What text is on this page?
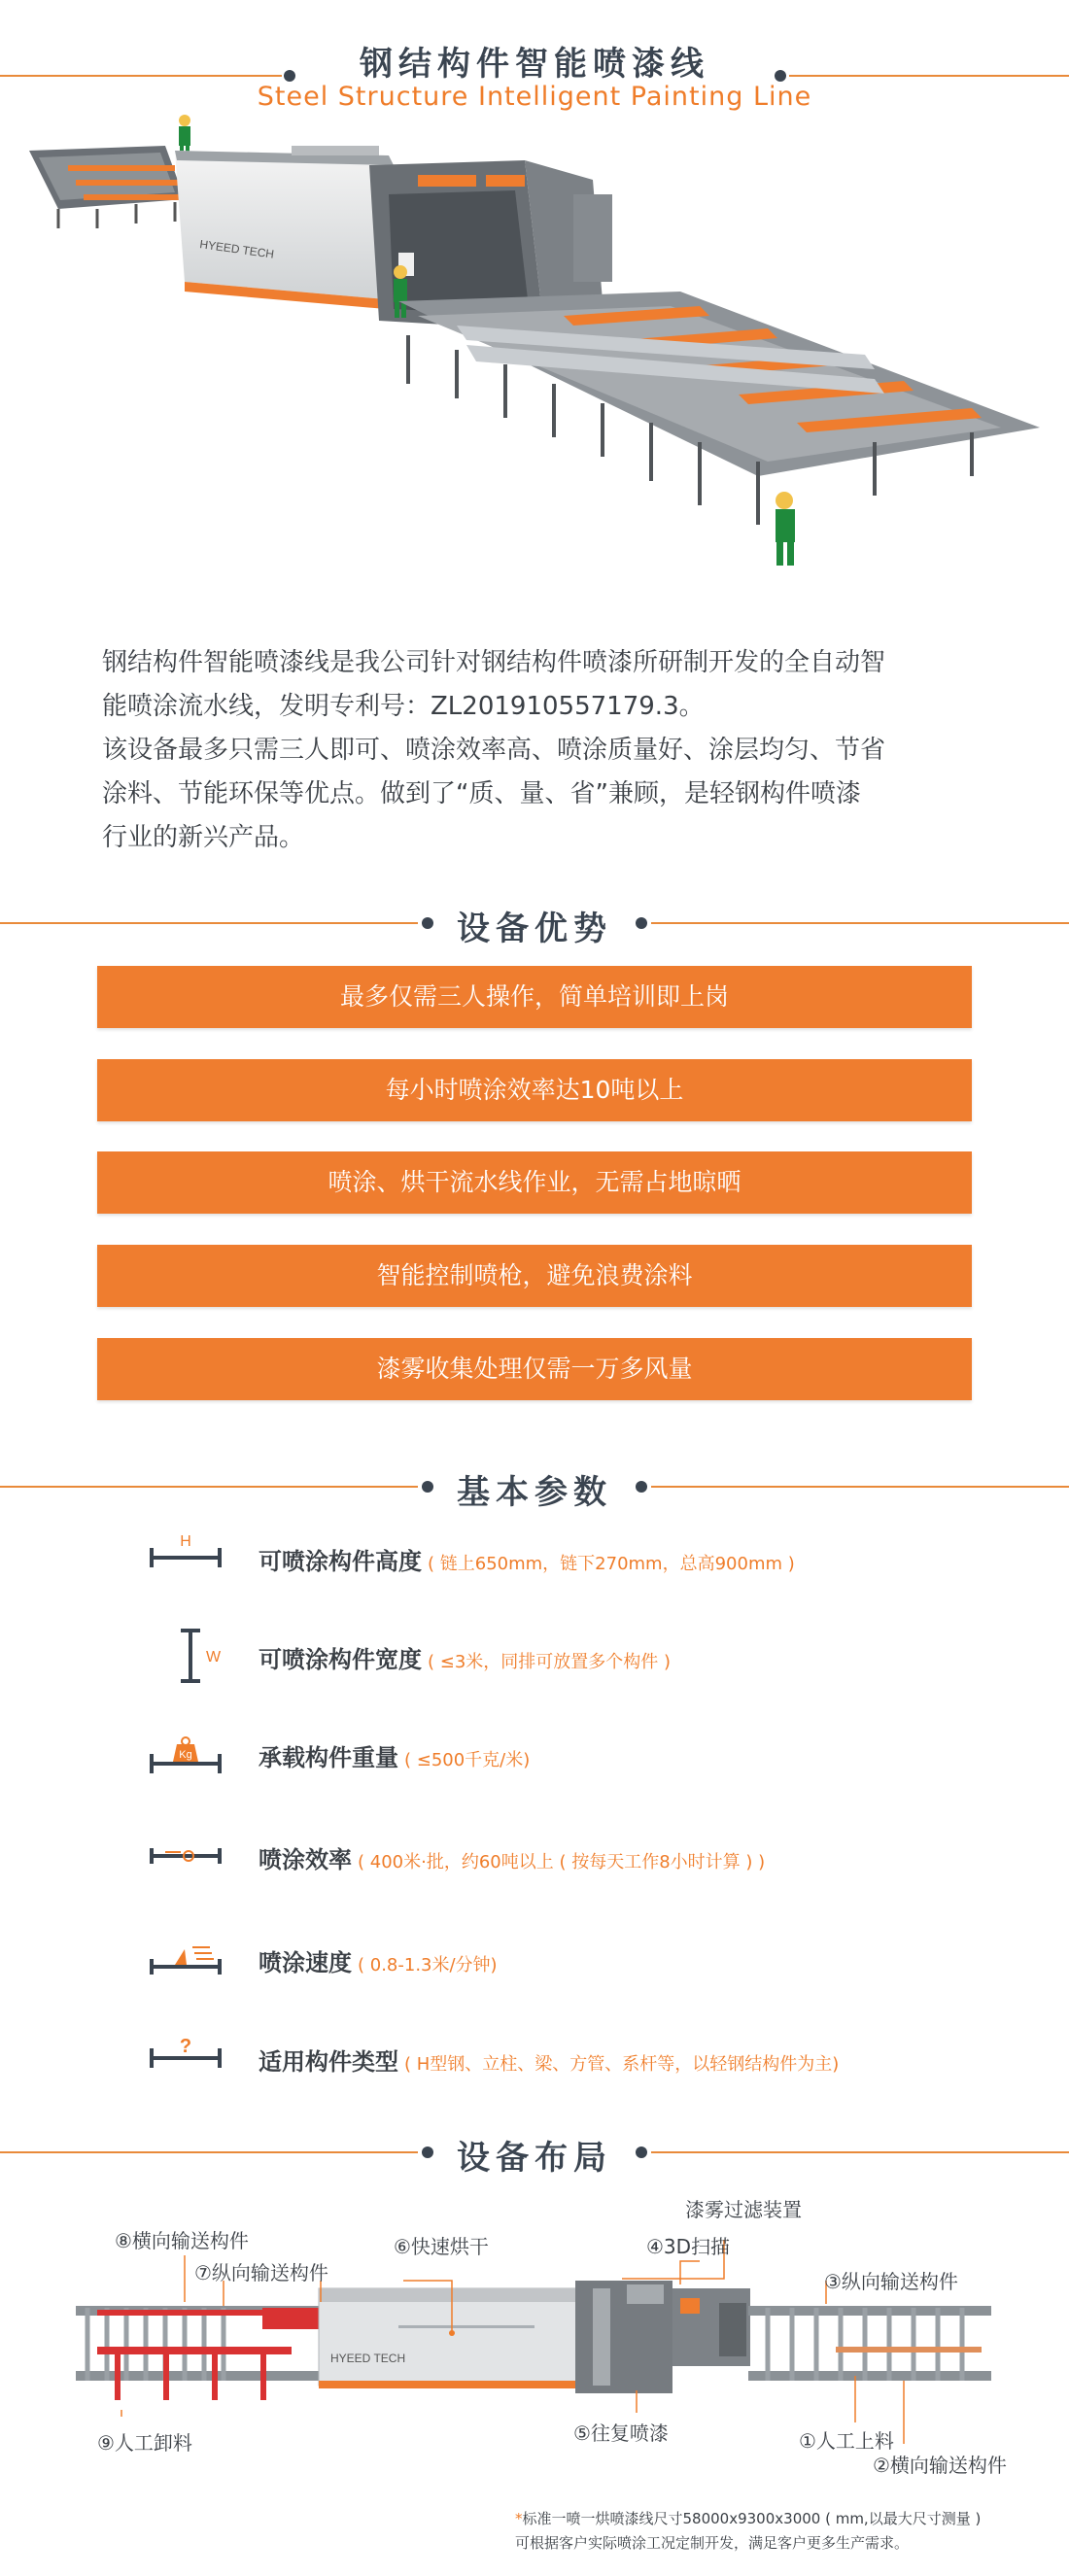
钢结构件智能喷漆线
Steel Structure Intelligent Painting Line
HYEED TECH
钢结构件智能喷漆线是我公司针对钢结构件喷漆所研制开发的全自动智
能喷涂流水线，发明专利号：ZL201910557179.3。
该设备最多只需三人即可、喷涂效率高、喷涂质量好、涂层均匀、节省
涂料、节能环保等优点。做到了“质、量、省”兼顾，是轻钢构件喷漆
行业的新兴产品。
设备优势
最多仅需三人操作，简单培训即上岗
每小时喷涂效率达10吨以上
喷涂、烘干流水线作业，无需占地晾晒
智能控制喷枪，避免浪费涂料
漆雾收集处理仅需一万多风量
基本参数
H
可喷涂构件高度 ( 链上650mm，链下270mm，总高900mm )
W 可喷涂构件宽度 ( ≤3米，同排可放置多个构件 )
Kg	承载构件重量 ( ≤500千克/米)
喷涂效率 ( 400米·批，约60吨以上 ( 按每天工作8小时计算 ) )
喷涂速度 ( 0.8-1.3米/分钟)
?
适用构件类型 ( H型钢、立柱、梁、方管、系杆等，以轻钢结构件为主)
设备布局
HYEED TECH
⑧横向输送构件
⑦纵向输送构件
⑥快速烘干
漆雾过滤装置
④3D扫描
③纵向输送构件
⑨人工卸料	⑤往复喷漆	①人工上料
②横向输送构件
*标准一喷一烘喷漆线尺寸58000x9300x3000 ( mm,以最大尺寸测量 )
可根据客户实际喷涂工况定制开发，满足客户更多生产需求。
